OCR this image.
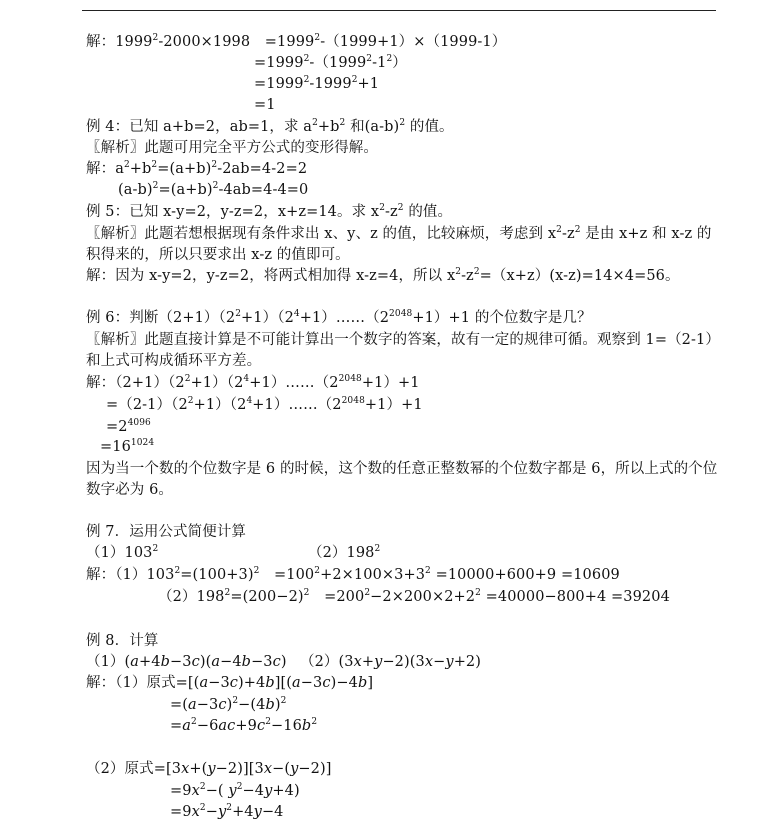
解：$1999^2-2000\times 1998$　$=1999^2-(1999+1)\times(1999-1)$
$=1999^2-(1999^2-1^2)$
$=1999^2-1999^2+1$
=1
例 4：已知 a+b=2，ab=1，求 $a^2+b^2$ 和$(a-b)^2$ 的值。
〖解析〗此题可用完全平方公式的变形得解。
解：$a^2+b^2=(a+b)^2-2ab=4-2=2$
$(a-b)^2=(a+b)^2-4ab=4-4=0$
例 5：已知 x-y=2，y-z=2，x+z=14。求 $x^2-z^2$ 的值。
〖解析〗此题若想根据现有条件求出 x、y、z 的值，比较麻烦，考虑到 $x^2-z^2$ 是由 x+z 和 x-z 的积得来的，所以只要求出 x-z 的值即可。
解：因为 x-y=2，y-z=2，将两式相加得 x-z=4，所以 $x^2-z^2=(x+z)(x-z)=14\times 4=56$。
例 6：判断$(2+1)(2^2+1)(2^4+1)\dots\dots(2^{2048}+1)+1$ 的个位数字是几？
〖解析〗此题直接计算是不可能计算出一个数字的答案，故有一定的规律可循。观察到 1=（2-1）和上式可构成循环平方差。
解：$(2+1)(2^2+1)(2^4+1)\dots\dots(2^{2048}+1)+1$
$=(2-1)(2^2+1)(2^4+1)\dots\dots(2^{2048}+1)+1$
$=2^{4096}$
$=16^{1024}$
因为当一个数的个位数字是 6 的时候，这个数的任意正整数幂的个位数字都是 6，所以上式的个位数字必为 6。
例 7．运用公式简便计算
$(1)103^2$	$(2)198^2$
解：$(1)103^2=(100+3)^2$　$=100^2+2\times 100\times 3+3^2 =10000+600+9 =10609$
$(2)198^2=(200-2)^2$　$=200^2-2\times 200\times 2+2^2 =40000-800+4 =39204$
例 8．计算
（1）(a+4b−3c)(a−4b−3c) （2）(3x+y−2)(3x−y+2)
解：（1）原式=[(a−3c)+4b][(a−3c)−4b]
$=(a-3c)^2-(4b)^2$
$=a^2-6ac+9c^2-16b^2$
（2）原式=[3x+(y−2)][3x−(y−2)]
$=9x^2-$( $y^2-4y+4$)
$=9x^2-y^2+4y-4$
